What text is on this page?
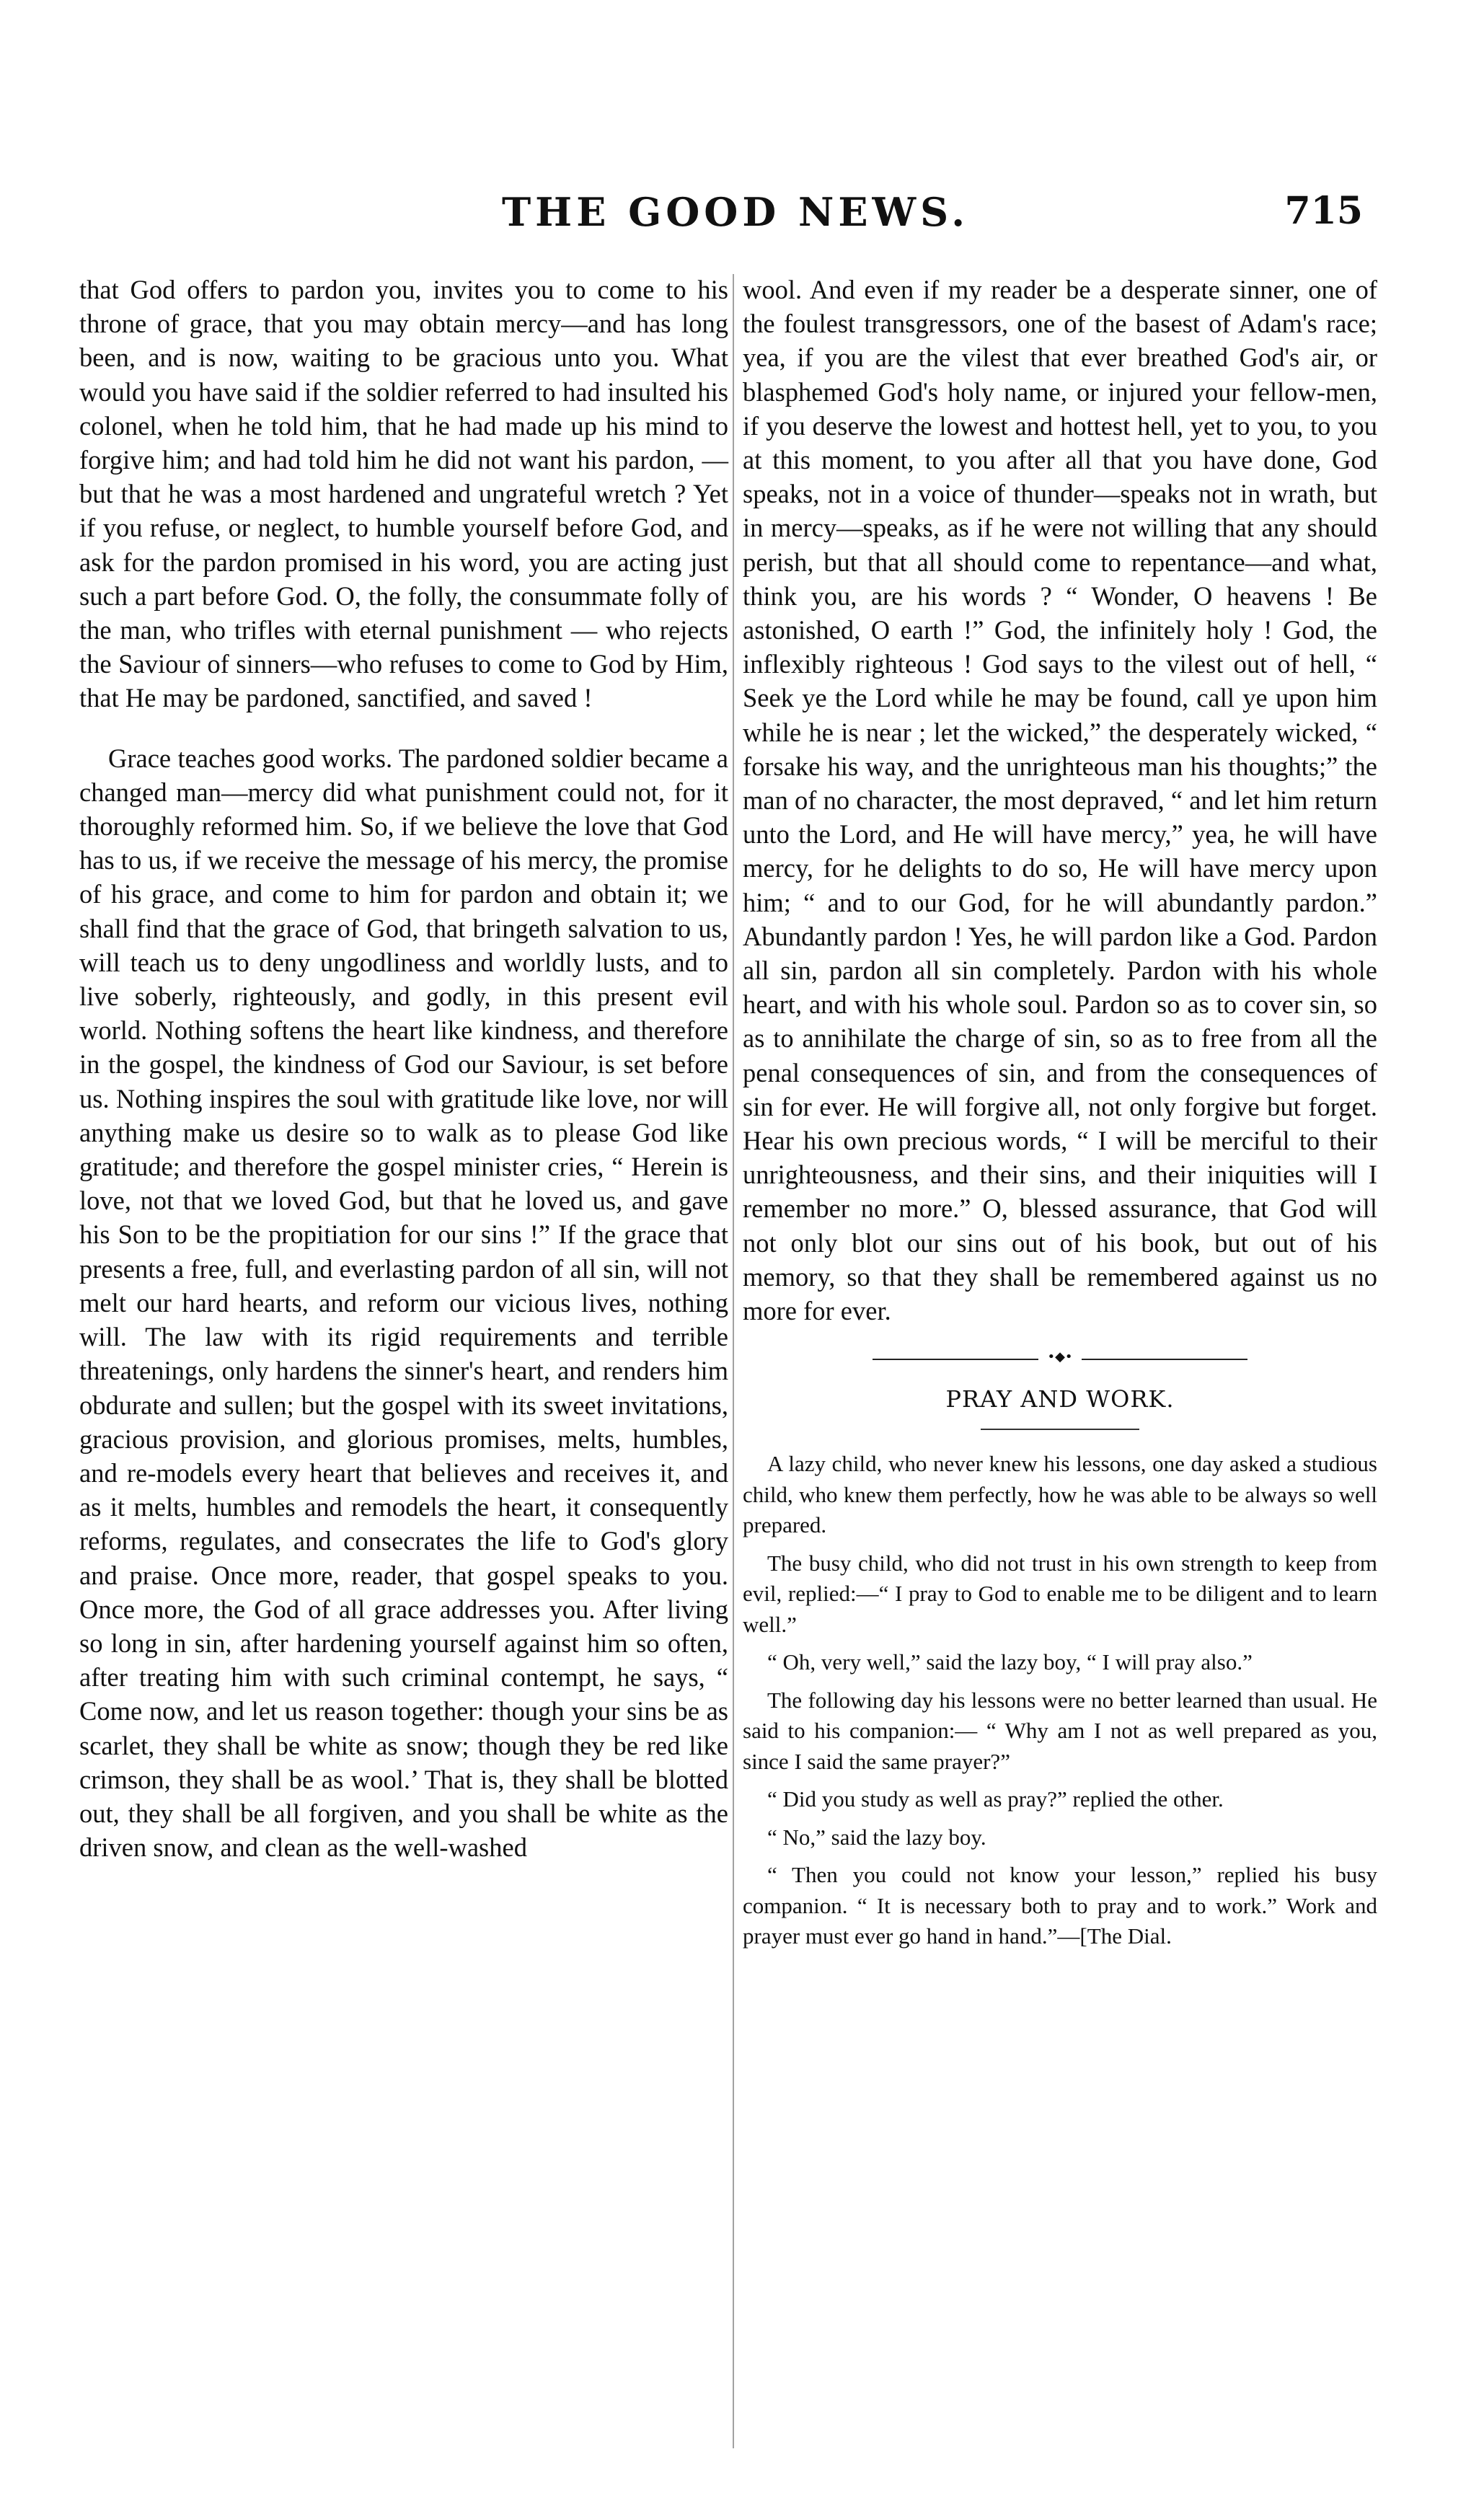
THE GOOD NEWS.	715

that God offers to pardon you, invites you to come to his throne of grace, that you may obtain mercy—and has long been, and is now, waiting to be gracious unto you. What would you have said if the soldier referred to had insulted his colonel, when he told him, that he had made up his mind to forgive him; and had told him he did not want his pardon, —but that he was a most hardened and ungrateful wretch ? Yet if you refuse, or neglect, to humble yourself before God, and ask for the pardon promised in his word, you are acting just such a part before God. O, the folly, the consummate folly of the man, who trifles with eternal punishment — who rejects the Saviour of sinners—who refuses to come to God by Him, that He may be pardoned, sanctified, and saved !

Grace teaches good works. The pardoned soldier became a changed man—mercy did what punishment could not, for it thoroughly reformed him. So, if we believe the love that God has to us, if we receive the message of his mercy, the promise of his grace, and come to him for pardon and obtain it; we shall find that the grace of God, that bringeth salvation to us, will teach us to deny ungodliness and worldly lusts, and to live soberly, righteously, and godly, in this present evil world. Nothing softens the heart like kindness, and therefore in the gospel, the kindness of God our Saviour, is set before us. Nothing inspires the soul with gratitude like love, nor will anything make us desire so to walk as to please God like gratitude; and therefore the gospel minister cries, “ Herein is love, not that we loved God, but that he loved us, and gave his Son to be the propitiation for our sins !” If the grace that presents a free, full, and everlasting pardon of all sin, will not melt our hard hearts, and reform our vicious lives, nothing will. The law with its rigid requirements and terrible threatenings, only hardens the sinner's heart, and renders him obdurate and sullen; but the gospel with its sweet invitations, gracious provision, and glorious promises, melts, humbles, and re-models every heart that believes and receives it, and as it melts, humbles and remodels the heart, it consequently reforms, regulates, and consecrates the life to God's glory and praise. Once more, reader, that gospel speaks to you. Once more, the God of all grace addresses you. After living so long in sin, after hardening yourself against him so often, after treating him with such criminal contempt, he says, “ Come now, and let us reason together: though your sins be as scarlet, they shall be white as snow; though they be red like crimson, they shall be as wool.’ That is, they shall be blotted out, they shall be all forgiven, and you shall be white as the driven snow, and clean as the well-washed

wool. And even if my reader be a desperate sinner, one of the foulest transgressors, one of the basest of Adam's race; yea, if you are the vilest that ever breathed God's air, or blasphemed God's holy name, or injured your fellow-men, if you deserve the lowest and hottest hell, yet to you, to you at this moment, to you after all that you have done, God speaks, not in a voice of thunder—speaks not in wrath, but in mercy—speaks, as if he were not willing that any should perish, but that all should come to repentance—and what, think you, are his words ? “ Wonder, O heavens ! Be astonished, O earth !” God, the infinitely holy ! God, the inflexibly righteous ! God says to the vilest out of hell, “ Seek ye the Lord while he may be found, call ye upon him while he is near ; let the wicked,” the desperately wicked, “ forsake his way, and the unrighteous man his thoughts;” the man of no character, the most depraved, “ and let him return unto the Lord, and He will have mercy,” yea, he will have mercy, for he delights to do so, He will have mercy upon him; “ and to our God, for he will abundantly pardon.” Abundantly pardon ! Yes, he will pardon like a God. Pardon all sin, pardon all sin completely. Pardon with his whole heart, and with his whole soul. Pardon so as to cover sin, so as to annihilate the charge of sin, so as to free from all the penal consequences of sin, and from the consequences of sin for ever. He will forgive all, not only forgive but forget. Hear his own precious words, “ I will be merciful to their unrighteousness, and their sins, and their iniquities will I remember no more.” O, blessed assurance, that God will not only blot our sins out of his book, but out of his memory, so that they shall be remembered against us no more for ever.

•◆•
PRAY AND WORK.

A lazy child, who never knew his lessons, one day asked a studious child, who knew them perfectly, how he was able to be always so well prepared.

The busy child, who did not trust in his own strength to keep from evil, replied:—“ I pray to God to enable me to be diligent and to learn well.”

“ Oh, very well,” said the lazy boy, “ I will pray also.”

The following day his lessons were no better learned than usual. He said to his companion:— “ Why am I not as well prepared as you, since I said the same prayer?”

“ Did you study as well as pray?” replied the other.

“ No,” said the lazy boy.

“ Then you could not know your lesson,” replied his busy companion. “ It is necessary both to pray and to work.” Work and prayer must ever go hand in hand.”—[The Dial.
